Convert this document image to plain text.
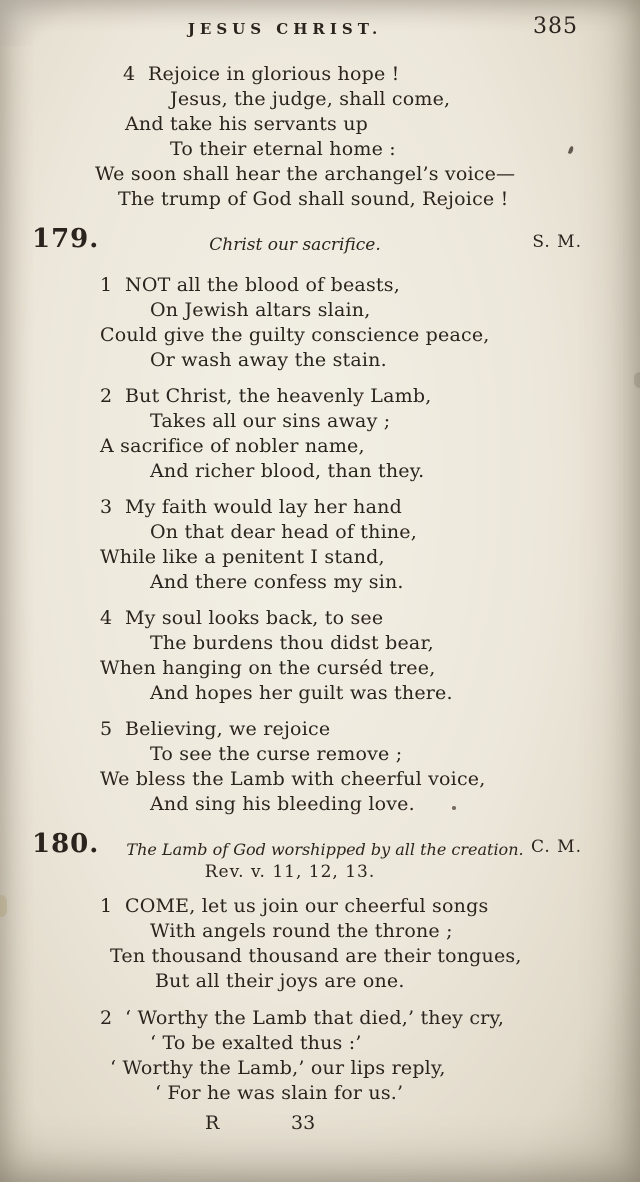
JESUS CHRIST.	385
4 Rejoice in glorious hope !
Jesus, the judge, shall come,
And take his servants up
To their eternal home :
We soon shall hear the archangel’s voice—
The trump of God shall sound, Rejoice !
179.	Christ our sacrifice.	S. M.
1 NOT all the blood of beasts,
On Jewish altars slain,
Could give the guilty conscience peace,
Or wash away the stain.
2 But Christ, the heavenly Lamb,
Takes all our sins away ;
A sacrifice of nobler name,
And richer blood, than they.
3 My faith would lay her hand
On that dear head of thine,
While like a penitent I stand,
And there confess my sin.
4 My soul looks back, to see
The burdens thou didst bear,
When hanging on the curséd tree,
And hopes her guilt was there.
5 Believing, we rejoice
To see the curse remove ;
We bless the Lamb with cheerful voice,
And sing his bleeding love.
180.	The Lamb of God worshipped by all the creation. C. M.
Rev. v. 11, 12, 13.
1 COME, let us join our cheerful songs
With angels round the throne ;
Ten thousand thousand are their tongues,
But all their joys are one.
2 ‘ Worthy the Lamb that died,’ they cry,
‘ To be exalted thus :’
‘ Worthy the Lamb,’ our lips reply,
‘ For he was slain for us.’
R	33
